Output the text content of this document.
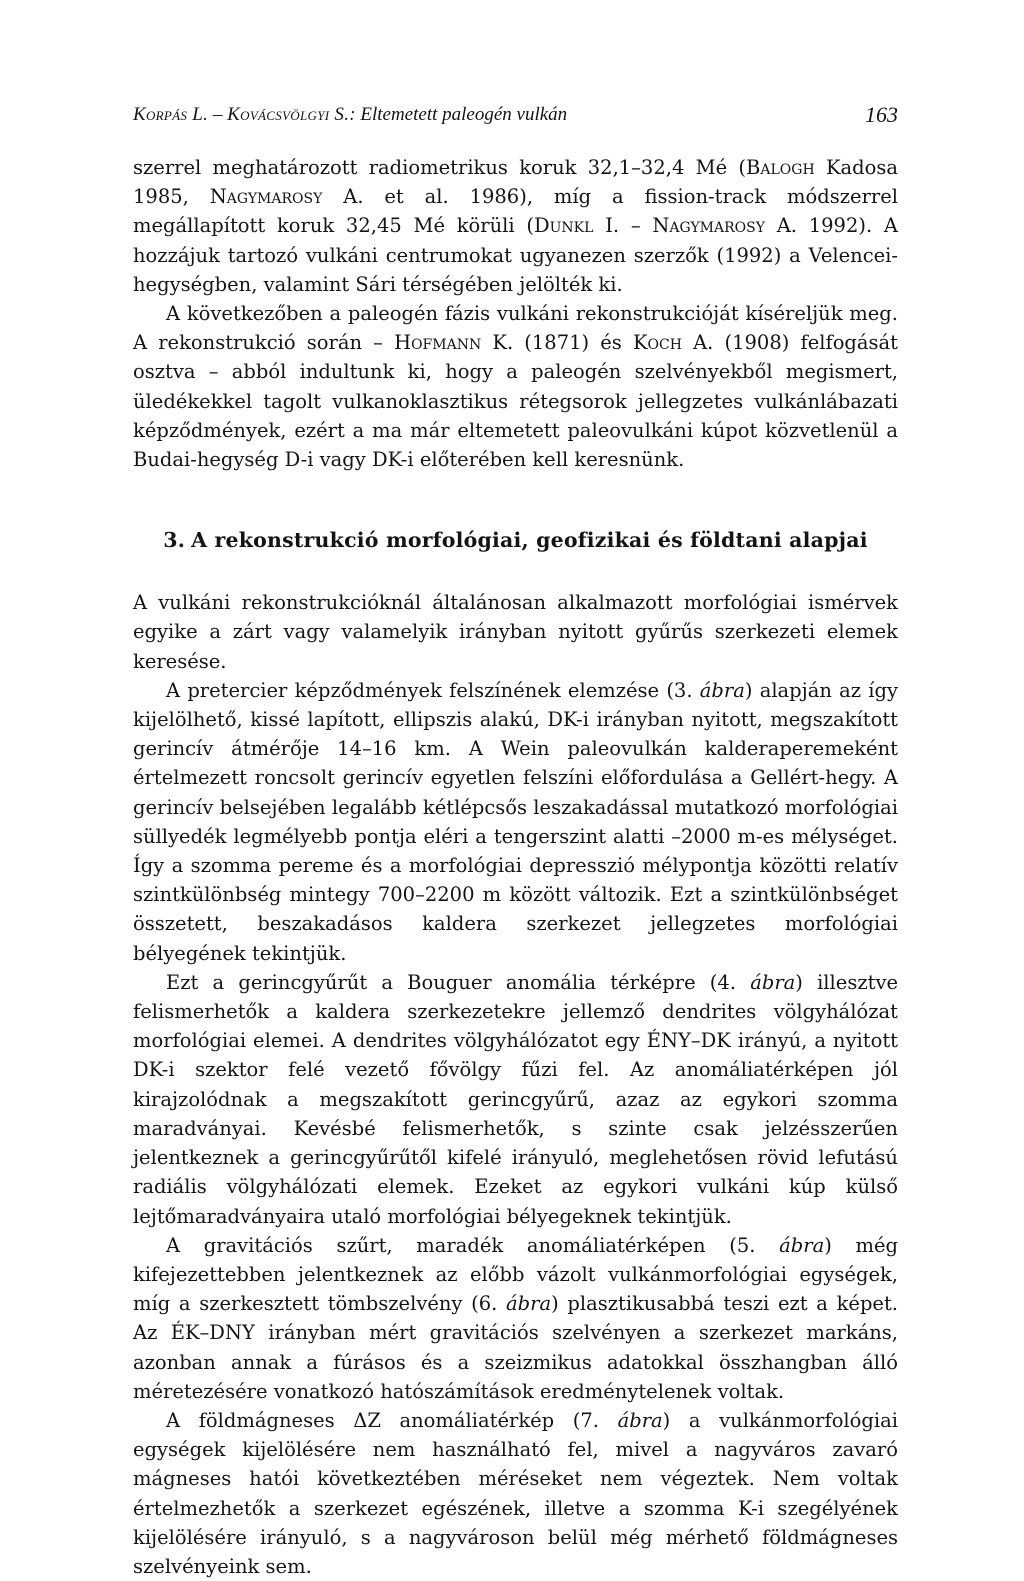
Korpás L. – Kovácsvölgyi S.: Eltemetett paleogén vulkán	163

szerrel meghatározott radiometrikus koruk 32,1–32,4 Mé (Balogh Kadosa 1985, Nagymarosy A. et al. 1986), míg a fission-track módszerrel megállapított koruk 32,45 Mé körüli (Dunkl I. – Nagymarosy A. 1992). A hozzájuk tartozó vulkáni centrumokat ugyanezen szerzők (1992) a Velencei-hegységben, valamint Sári térségében jelölték ki.

A következőben a paleogén fázis vulkáni rekonstrukcióját kíséreljük meg. A rekonstrukció során – Hofmann K. (1871) és Koch A. (1908) felfogását osztva – abból indultunk ki, hogy a paleogén szelvényekből megismert, üledékekkel tagolt vulkanoklasztikus rétegsorok jellegzetes vulkánlábazati képződmények, ezért a ma már eltemetett paleovulkáni kúpot közvetlenül a Budai-hegység D-i vagy DK-i előterében kell keresnünk.

3. A rekonstrukció morfológiai, geofizikai és földtani alapjai

A vulkáni rekonstrukcióknál általánosan alkalmazott morfológiai ismérvek egyike a zárt vagy valamelyik irányban nyitott gyűrűs szerkezeti elemek keresése.

A pretercier képződmények felszínének elemzése (3. ábra) alapján az így kijelölhető, kissé lapított, ellipszis alakú, DK-i irányban nyitott, megszakított gerincív átmérője 14–16 km. A Wein paleovulkán kalderaperemeként értelmezett roncsolt gerincív egyetlen felszíni előfordulása a Gellért-hegy. A gerincív belsejében legalább kétlépcsős leszakadással mutatkozó morfológiai süllyedék legmélyebb pontja eléri a tengerszint alatti –2000 m-es mélységet. Így a szomma pereme és a morfológiai depresszió mélypontja közötti relatív szintkülönbség mintegy 700–2200 m között változik. Ezt a szintkülönbséget összetett, beszakadásos kaldera szerkezet jellegzetes morfológiai bélyegének tekintjük.

Ezt a gerincgyűrűt a Bouguer anomália térképre (4. ábra) illesztve felismerhetők a kaldera szerkezetekre jellemző dendrites völgyhálózat morfológiai elemei. A dendrites völgyhálózatot egy ÉNY–DK irányú, a nyitott DK-i szektor felé vezető fővölgy fűzi fel. Az anomáliatérképen jól kirajzolódnak a megszakított gerincgyűrű, azaz az egykori szomma maradványai. Kevésbé felismerhetők, s szinte csak jelzésszerűen jelentkeznek a gerincgyűrűtől kifelé irányuló, meglehetősen rövid lefutású radiális völgyhálózati elemek. Ezeket az egykori vulkáni kúp külső lejtőmaradványaira utaló morfológiai bélyegeknek tekintjük.

A gravitációs szűrt, maradék anomáliatérképen (5. ábra) még kifejezettebben jelentkeznek az előbb vázolt vulkánmorfológiai egységek, míg a szerkesztett tömbszelvény (6. ábra) plasztikusabbá teszi ezt a képet. Az ÉK–DNY irányban mért gravitációs szelvényen a szerkezet markáns, azonban annak a fúrásos és a szeizmikus adatokkal összhangban álló méretezésére vonatkozó hatószámítások eredménytelenek voltak.

A földmágneses ΔZ anomáliatérkép (7. ábra) a vulkánmorfológiai egységek kijelölésére nem használható fel, mivel a nagyváros zavaró mágneses hatói következtében méréseket nem végeztek. Nem voltak értelmezhetők a szerkezet egészének, illetve a szomma K-i szegélyének kijelölésére irányuló, s a nagyvároson belül még mérhető földmágneses szelvényeink sem.
